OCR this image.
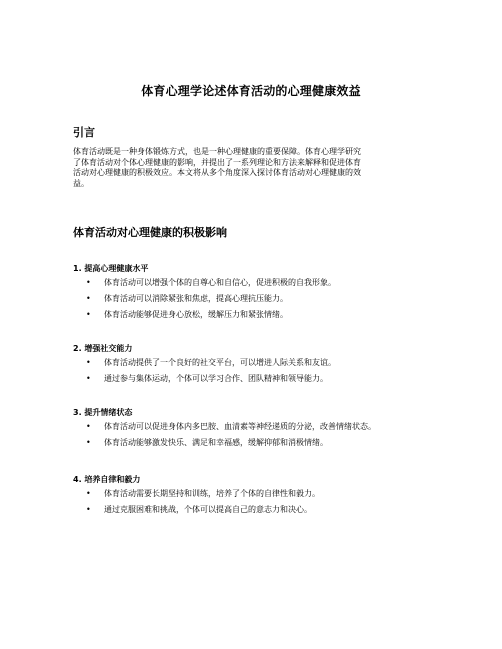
体育心理学论述体育活动的心理健康效益
引言
体育活动既是一种身体锻炼方式，也是一种心理健康的重要保障。体育心理学研究
了体育活动对个体心理健康的影响，并提出了一系列理论和方法来解释和促进体育
活动对心理健康的积极效应。本文将从多个角度深入探讨体育活动对心理健康的效
益。
体育活动对心理健康的积极影响
1. 提高心理健康水平
• 体育活动可以增强个体的自尊心和自信心，促进积极的自我形象。
• 体育活动可以消除紧张和焦虑，提高心理抗压能力。
• 体育活动能够促进身心放松，缓解压力和紧张情绪。
2. 增强社交能力
• 体育活动提供了一个良好的社交平台，可以增进人际关系和友谊。
• 通过参与集体运动，个体可以学习合作、团队精神和领导能力。
3. 提升情绪状态
• 体育活动可以促进身体内多巴胺、血清素等神经递质的分泌，改善情绪状态。
• 体育活动能够激发快乐、满足和幸福感，缓解抑郁和消极情绪。
4. 培养自律和毅力
• 体育活动需要长期坚持和训练，培养了个体的自律性和毅力。
• 通过克服困难和挑战，个体可以提高自己的意志力和决心。
